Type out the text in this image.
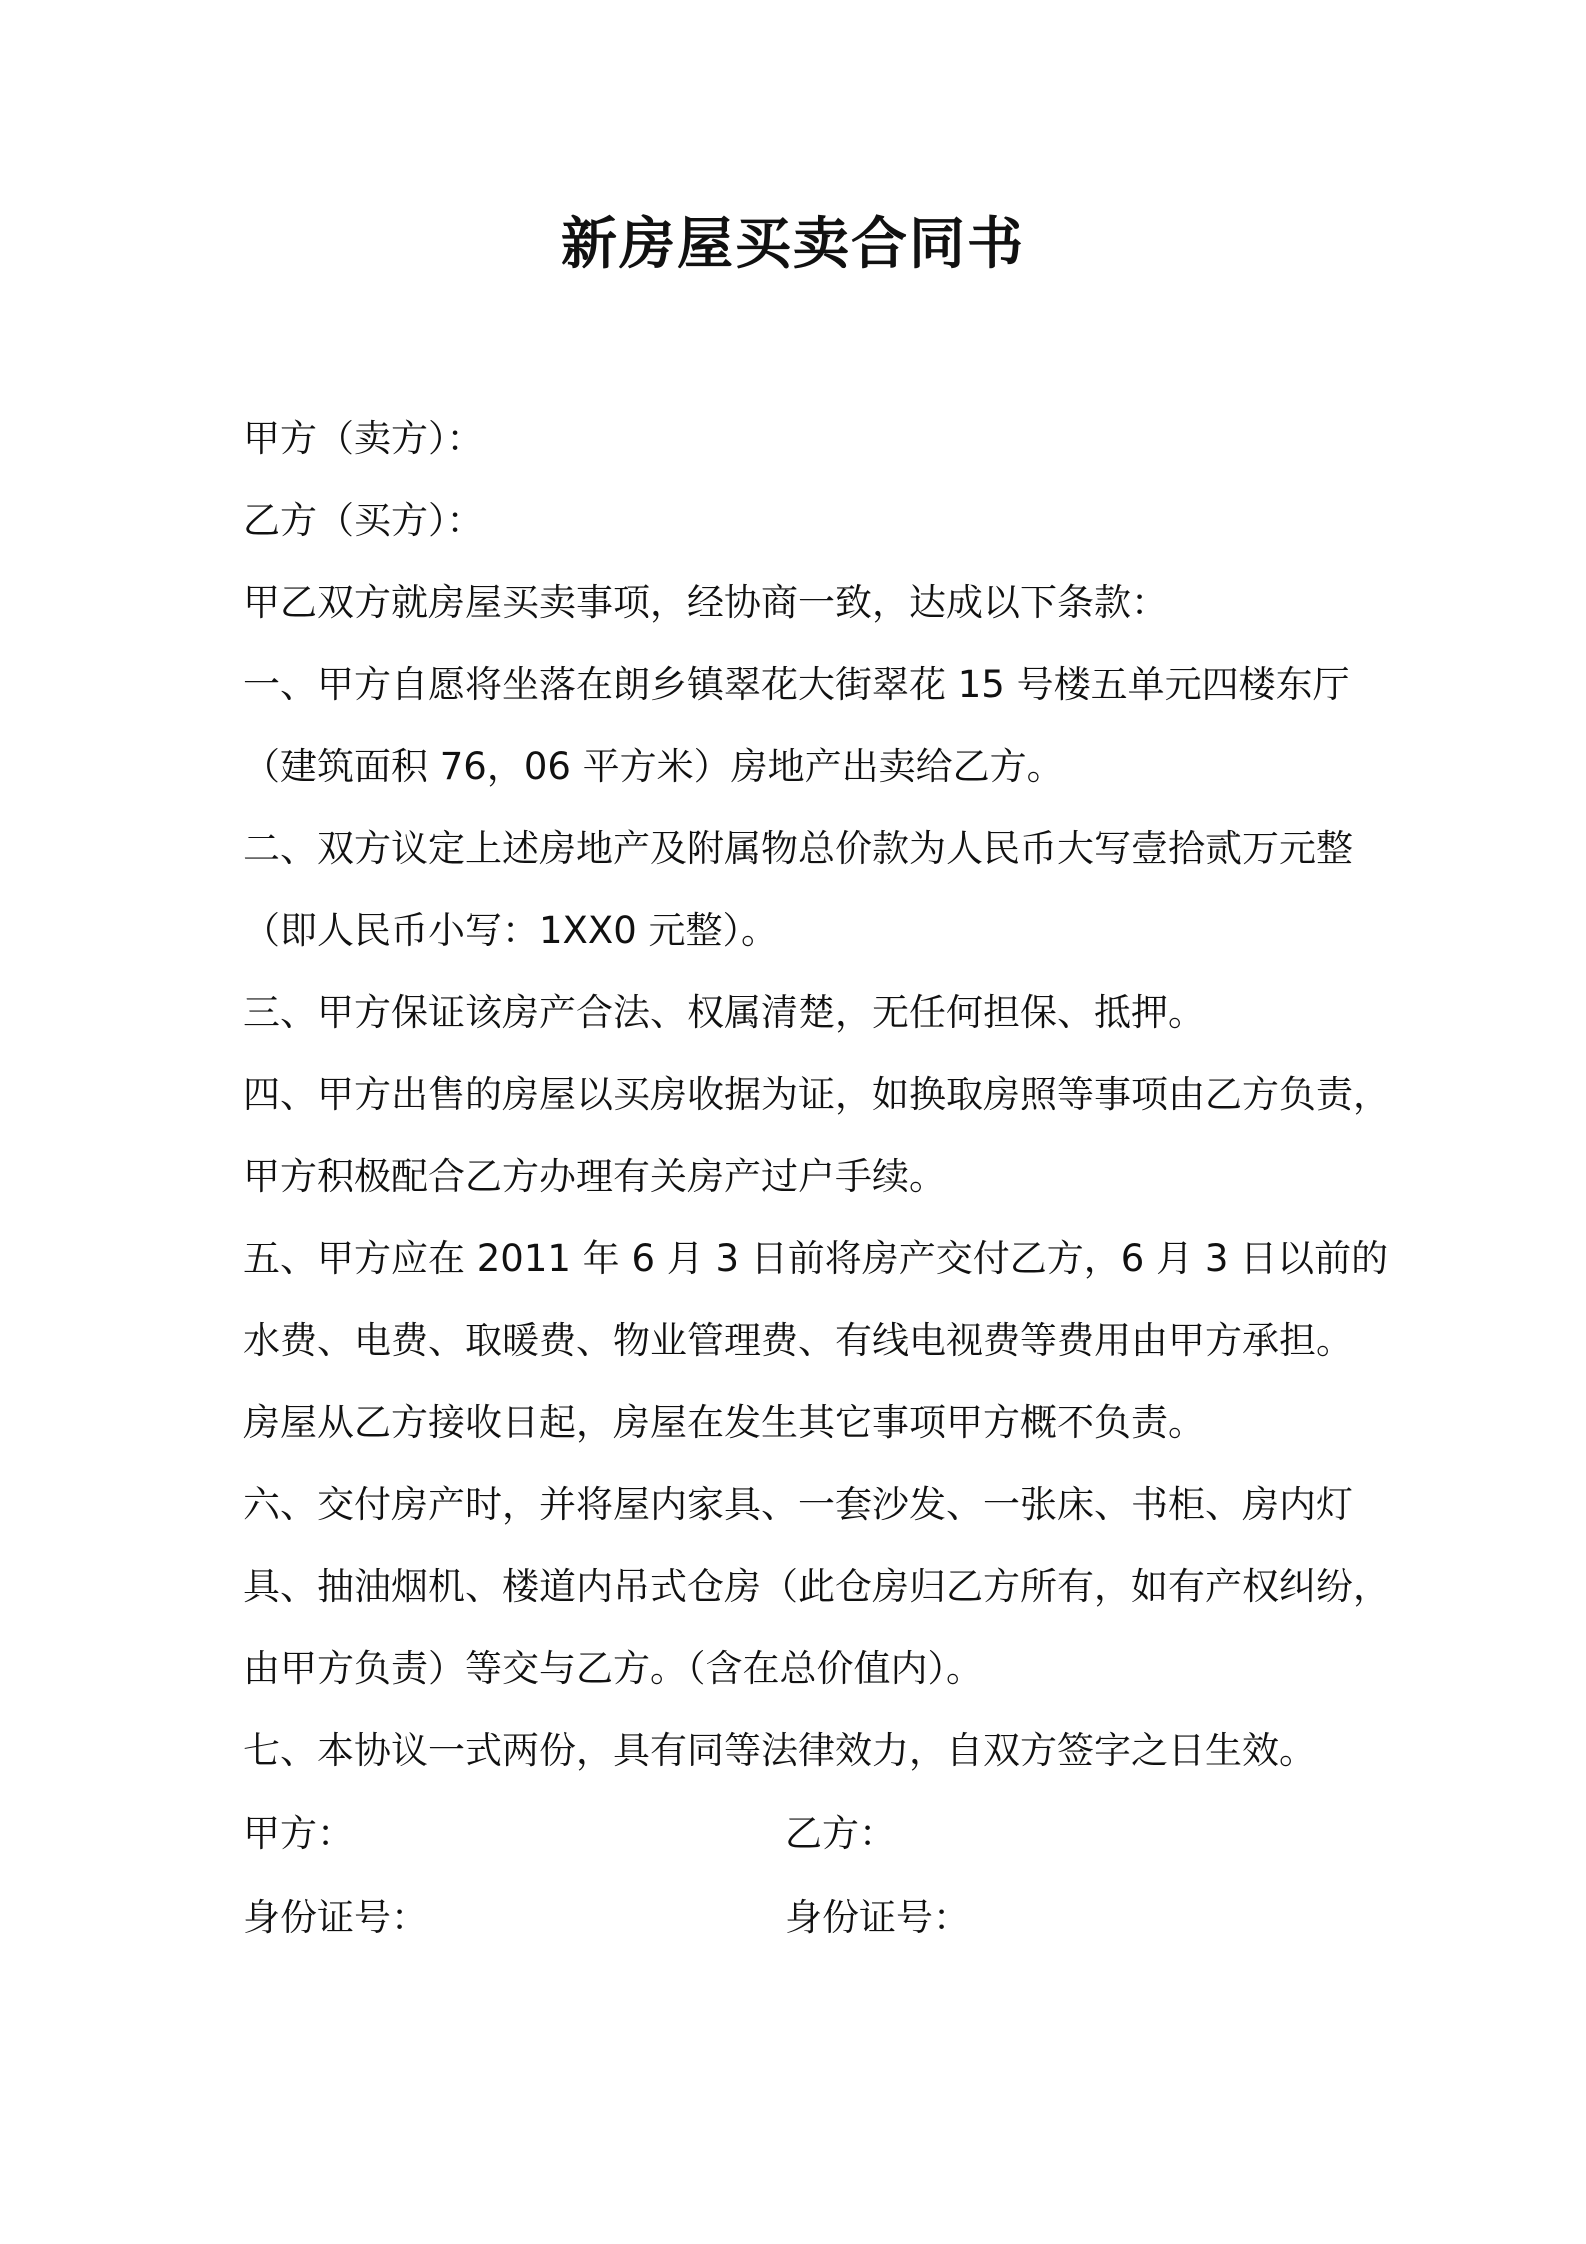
新房屋买卖合同书
甲方（卖方）：
乙方（买方）：
甲乙双方就房屋买卖事项，经协商一致，达成以下条款：
一、甲方自愿将坐落在朗乡镇翠花大街翠花 15 号楼五单元四楼东厅
（建筑面积 76，06 平方米）房地产出卖给乙方。
二、双方议定上述房地产及附属物总价款为人民币大写壹拾贰万元整
（即人民币小写：1XX0 元整）。
三、甲方保证该房产合法、权属清楚，无任何担保、抵押。
四、甲方出售的房屋以买房收据为证，如换取房照等事项由乙方负责，
甲方积极配合乙方办理有关房产过户手续。
五、甲方应在 2011 年 6 月 3 日前将房产交付乙方，6 月 3 日以前的
水费、电费、取暖费、物业管理费、有线电视费等费用由甲方承担。
房屋从乙方接收日起，房屋在发生其它事项甲方概不负责。
六、交付房产时，并将屋内家具、一套沙发、一张床、书柜、房内灯
具、抽油烟机、楼道内吊式仓房（此仓房归乙方所有，如有产权纠纷，
由甲方负责）等交与乙方。（含在总价值内）。
七、本协议一式两份，具有同等法律效力，自双方签字之日生效。
甲方：	乙方：
身份证号：	身份证号：
